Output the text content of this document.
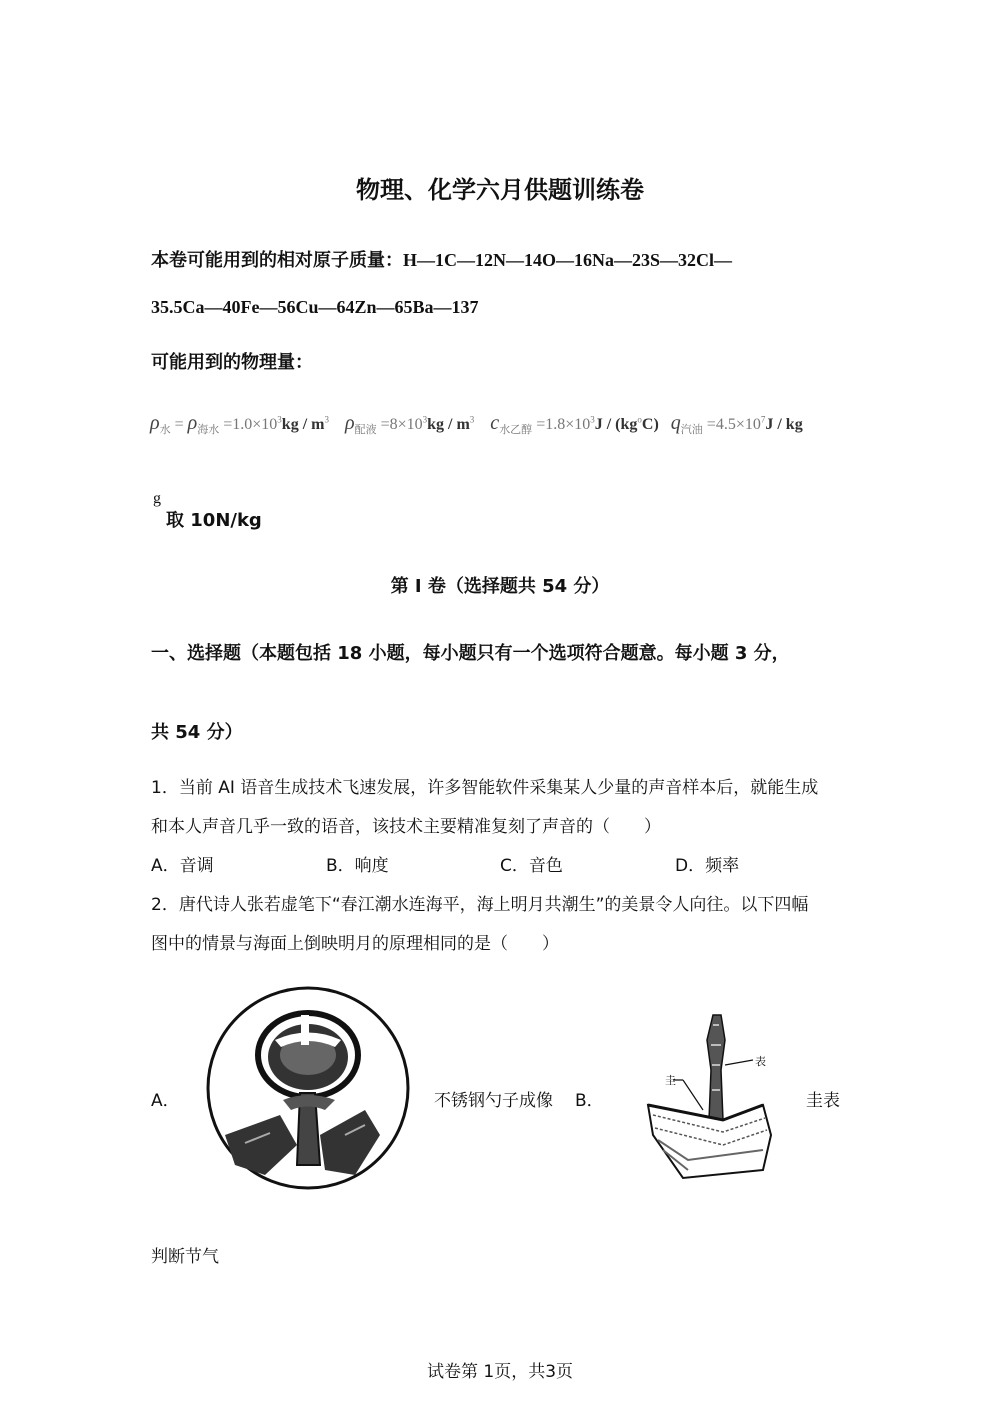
物理、化学六月供题训练卷
本卷可能用到的相对原子质量：H—1C—12N—14O—16Na—23S—32Cl—
35.5Ca—40Fe—56Cu—64Zn—65Ba—137
可能用到的物理量：
$\rho_水 = \rho_{海水} =1.0\times 10^3kg / m^3$ $\rho_{配液} =8\times 10^3kg / m^3$ $c_{水乙醇} =1.8\times 10^3J / (kg^oC)$ $q_{汽油} =4.5\times 10^7J$ / kg
g
取 10N/kg
第 I 卷（选择题共 54 分）
一、选择题（本题包括 18 小题，每小题只有一个选项符合题意。每小题 3 分，
共 54 分）
1．当前 AI 语音生成技术飞速发展，许多智能软件采集某人少量的声音样本后，就能生成
和本人声音几乎一致的语音，该技术主要精准复刻了声音的（　　）
A．音调	B．响度	C．音色	D．频率
2．唐代诗人张若虚笔下“春江潮水连海平，海上明月共潮生”的美景令人向往。以下四幅
图中的情景与海面上倒映明月的原理相同的是（　　）
A．	不锈钢勺子成像 B．
圭
表
圭表
判断节气
试卷第 1页，共3页
